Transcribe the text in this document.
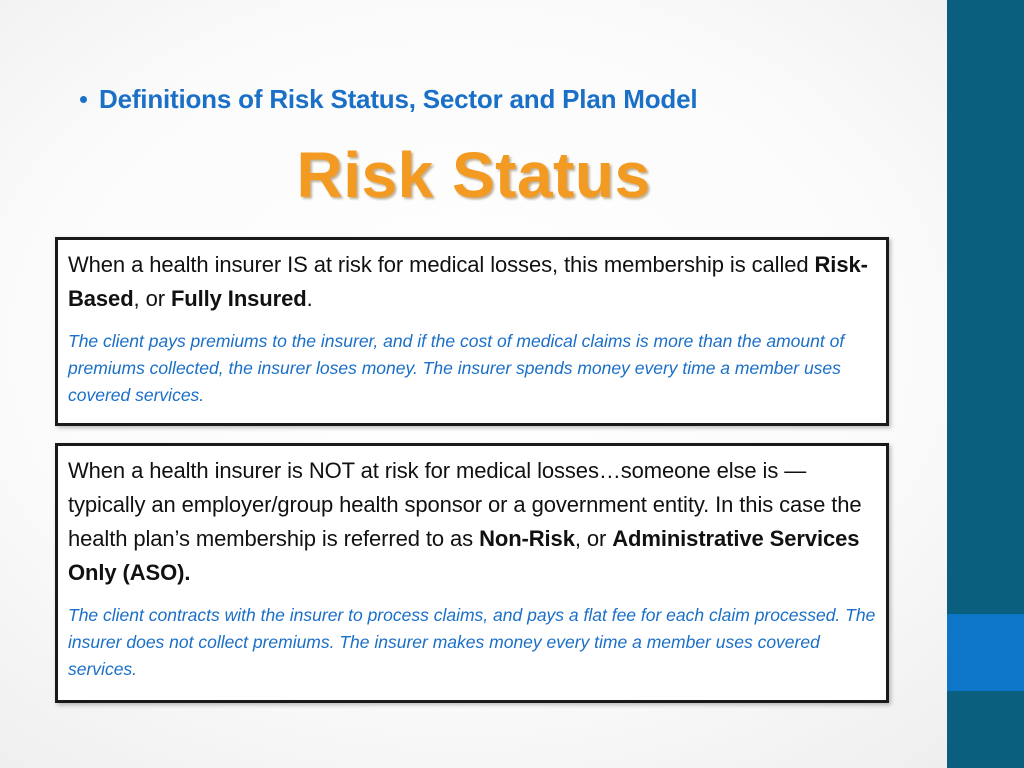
Definitions of Risk Status, Sector and Plan Model
Risk Status

When a health insurer IS at risk for medical losses, this membership is called Risk-Based, or Fully Insured.

The client pays premiums to the insurer, and if the cost of medical claims is more than the amount of premiums collected, the insurer loses money. The insurer spends money every time a member uses covered services.

When a health insurer is NOT at risk for medical losses…someone else is — typically an employer/group health sponsor or a government entity. In this case the health plan’s membership is referred to as Non-Risk, or Administrative Services Only (ASO).

The client contracts with the insurer to process claims, and pays a flat fee for each claim processed. The insurer does not collect premiums. The insurer makes money every time a member uses covered services.
